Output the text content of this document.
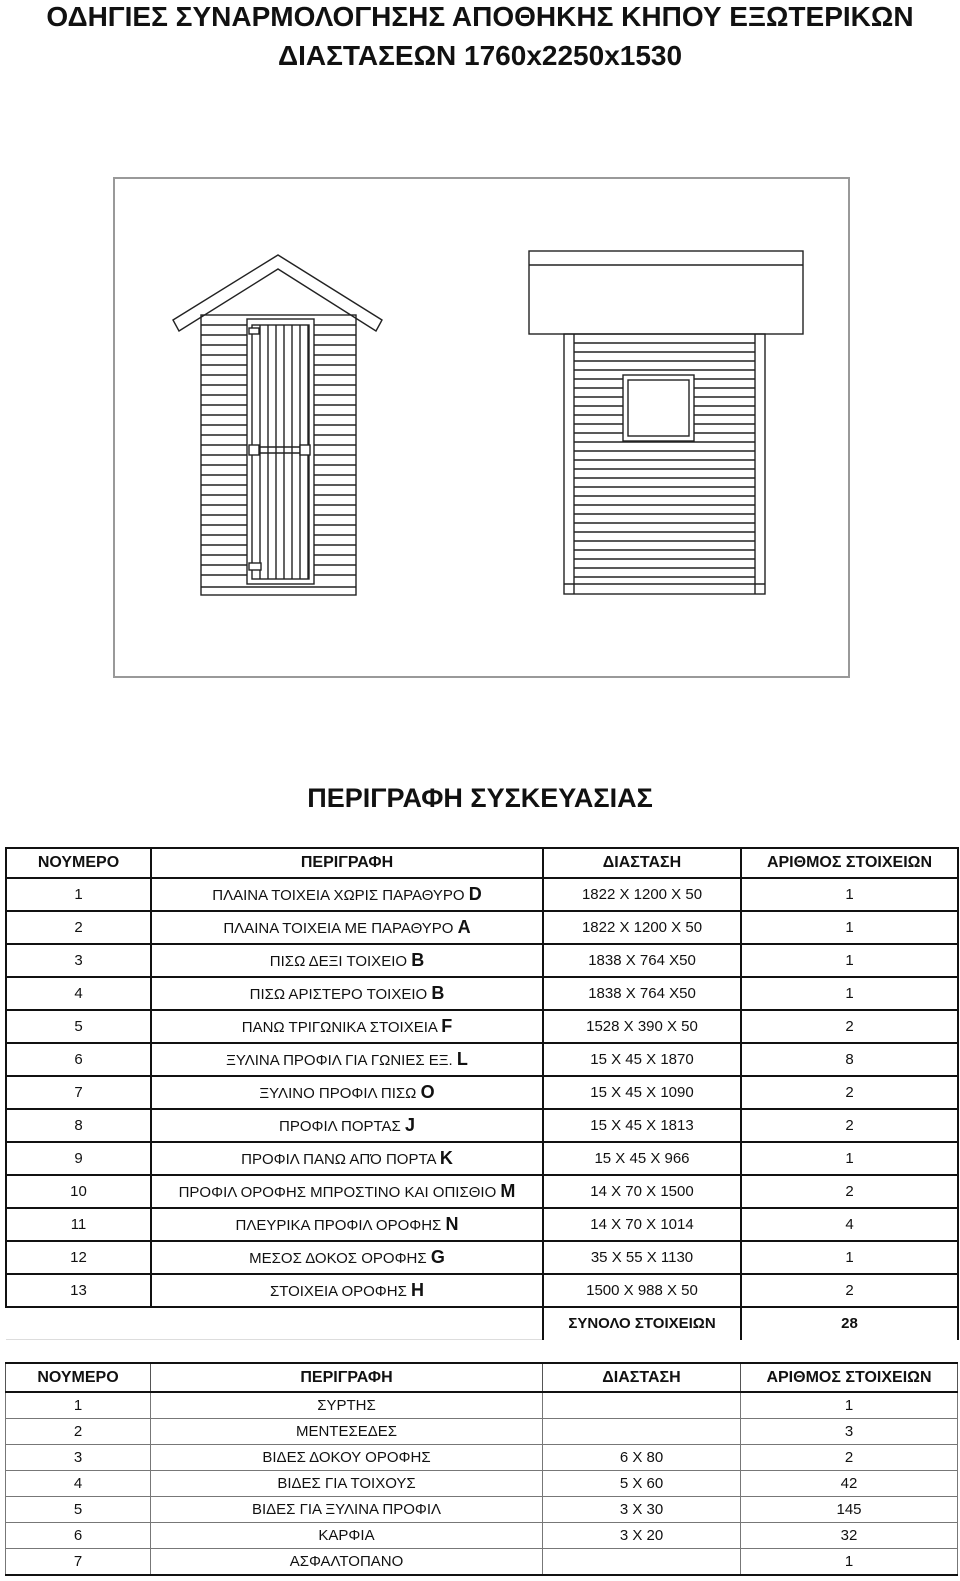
ΟΔΗΓΙΕΣ ΣΥΝΑΡΜΟΛΟΓΗΣΗΣ ΑΠΟΘΗΚΗΣ ΚΗΠΟΥ ΕΞΩΤΕΡΙΚΩΝ
ΔΙΑΣΤΑΣΕΩΝ 1760x2250x1530
ΠΕΡΙΓΡΑΦΗ ΣΥΣΚΕΥΑΣΙΑΣ
ΝΟΥΜΕΡΟ	ΠΕΡΙΓΡΑΦΗ	ΔΙΑΣΤΑΣΗ	ΑΡΙΘΜΟΣ ΣΤΟΙΧΕΙΩΝ
1	ΠΛΑΙΝΑ ΤΟΙΧΕΙΑ ΧΩΡΙΣ ΠΑΡΑΘΥΡΟ D	1822 X 1200 X 50	1
2	ΠΛΑΙΝΑ ΤΟΙΧΕΙΑ ΜΕ ΠΑΡΑΘΥΡΟ A	1822 X 1200 X 50	1
3	ΠΙΣΩ ΔΕΞΙ ΤΟΙΧΕΙΟ B	1838 X 764 X50	1
4	ΠΙΣΩ ΑΡΙΣΤΕΡΟ ΤΟΙΧΕΙΟ B	1838 X 764 X50	1
5	ΠΑΝΩ ΤΡΙΓΩΝΙΚΑ ΣΤΟΙΧΕΙΑ F	1528 X 390 X 50	2
6	ΞΥΛΙΝΑ ΠΡΟΦΙΛ ΓΙΑ ΓΩΝΙΕΣ ΕΞ. L	15 X 45 X 1870	8
7	ΞΥΛΙΝΟ ΠΡΟΦΙΛ ΠΙΣΩ O	15 X 45 X 1090	2
8	ΠΡΟΦΙΛ ΠΟΡΤΑΣ J	15 X 45 X 1813	2
9	ΠΡΟΦΙΛ ΠΑΝΩ ΑΠΌ ΠΟΡΤΑ K	15 X 45 X 966	1
10	ΠΡΟΦΙΛ ΟΡΟΦΗΣ ΜΠΡΟΣΤΙΝΟ ΚΑΙ ΟΠΙΣΘΙΟ M	14 X 70 X 1500	2
11	ΠΛΕΥΡΙΚΑ ΠΡΟΦΙΛ ΟΡΟΦΗΣ N	14 X 70 X 1014	4
12	ΜΕΣΟΣ ΔΟΚΟΣ ΟΡΟΦΗΣ G	35 X 55 X 1130	1
13	ΣΤΟΙΧΕΙΑ ΟΡΟΦΗΣ H	1500 X 988 X 50	2
		ΣΥΝΟΛΟ ΣΤΟΙΧΕΙΩΝ	28
ΝΟΥΜΕΡΟ	ΠΕΡΙΓΡΑΦΗ	ΔΙΑΣΤΑΣΗ	ΑΡΙΘΜΟΣ ΣΤΟΙΧΕΙΩΝ
1	ΣΥΡΤΗΣ		1
2	ΜΕΝΤΕΣΕΔΕΣ		3
3	ΒΙΔΕΣ ΔΟΚΟΥ ΟΡΟΦΗΣ	6 X 80	2
4	ΒΙΔΕΣ ΓΙΑ ΤΟΙΧΟΥΣ	5 X 60	42
5	ΒΙΔΕΣ ΓΙΑ ΞΥΛΙΝΑ ΠΡΟΦΙΛ	3 X 30	145
6	ΚΑΡΦΙΑ	3 X 20	32
7	ΑΣΦΑΛΤΟΠΑΝΟ		1
